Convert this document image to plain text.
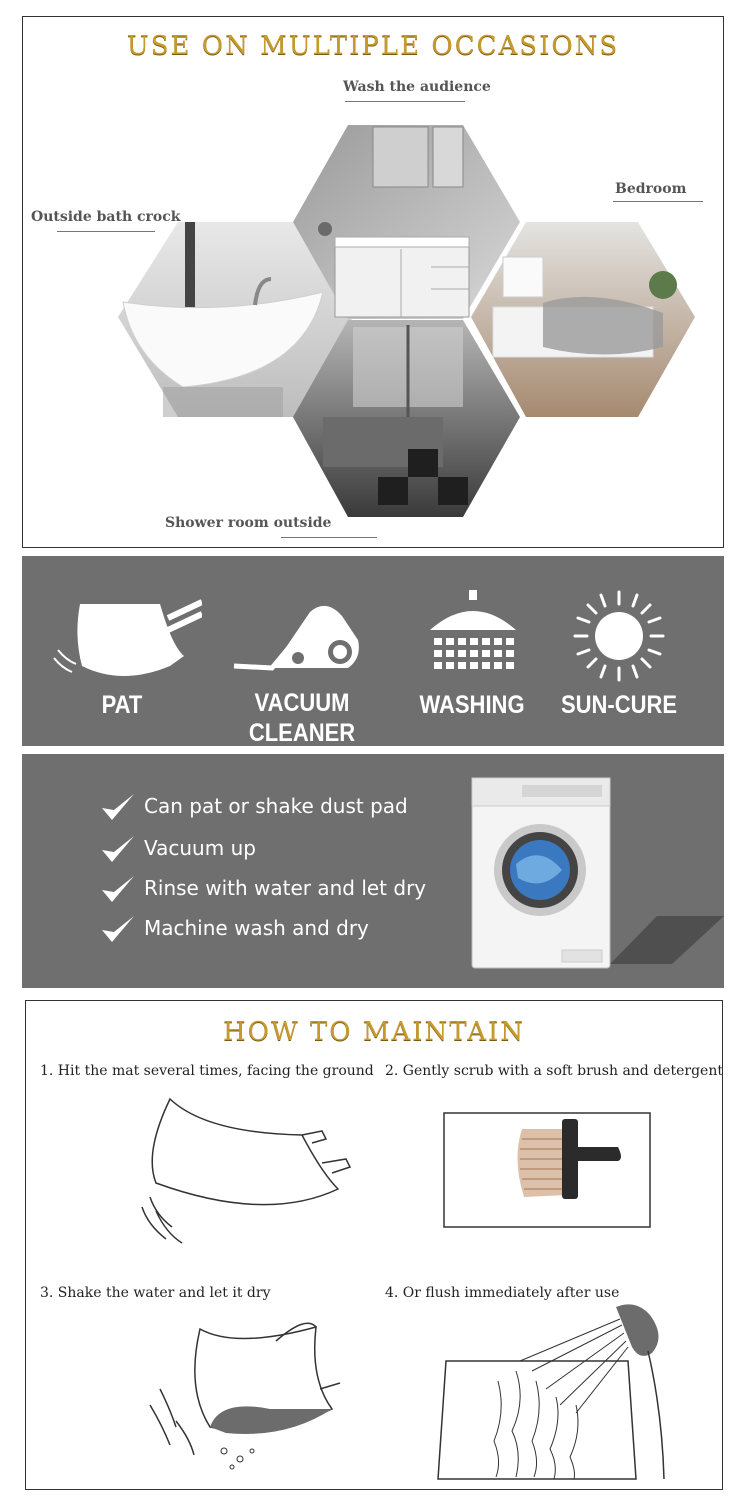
USE ON MULTIPLE OCCASIONS
Wash the audience
Bedroom
Outside bath crock
Shower room outside
PAT	VACUUM CLEANER
WASHING	SUN-CURE
Can pat or shake dust pad
Vacuum up
Rinse with water and let dry
Machine wash and dry
HOW TO MAINTAIN
1. Hit the mat several times, facing the ground 2. Gently scrub with a soft brush and detergent
3. Shake the water and let it dry	4. Or flush immediately after use
